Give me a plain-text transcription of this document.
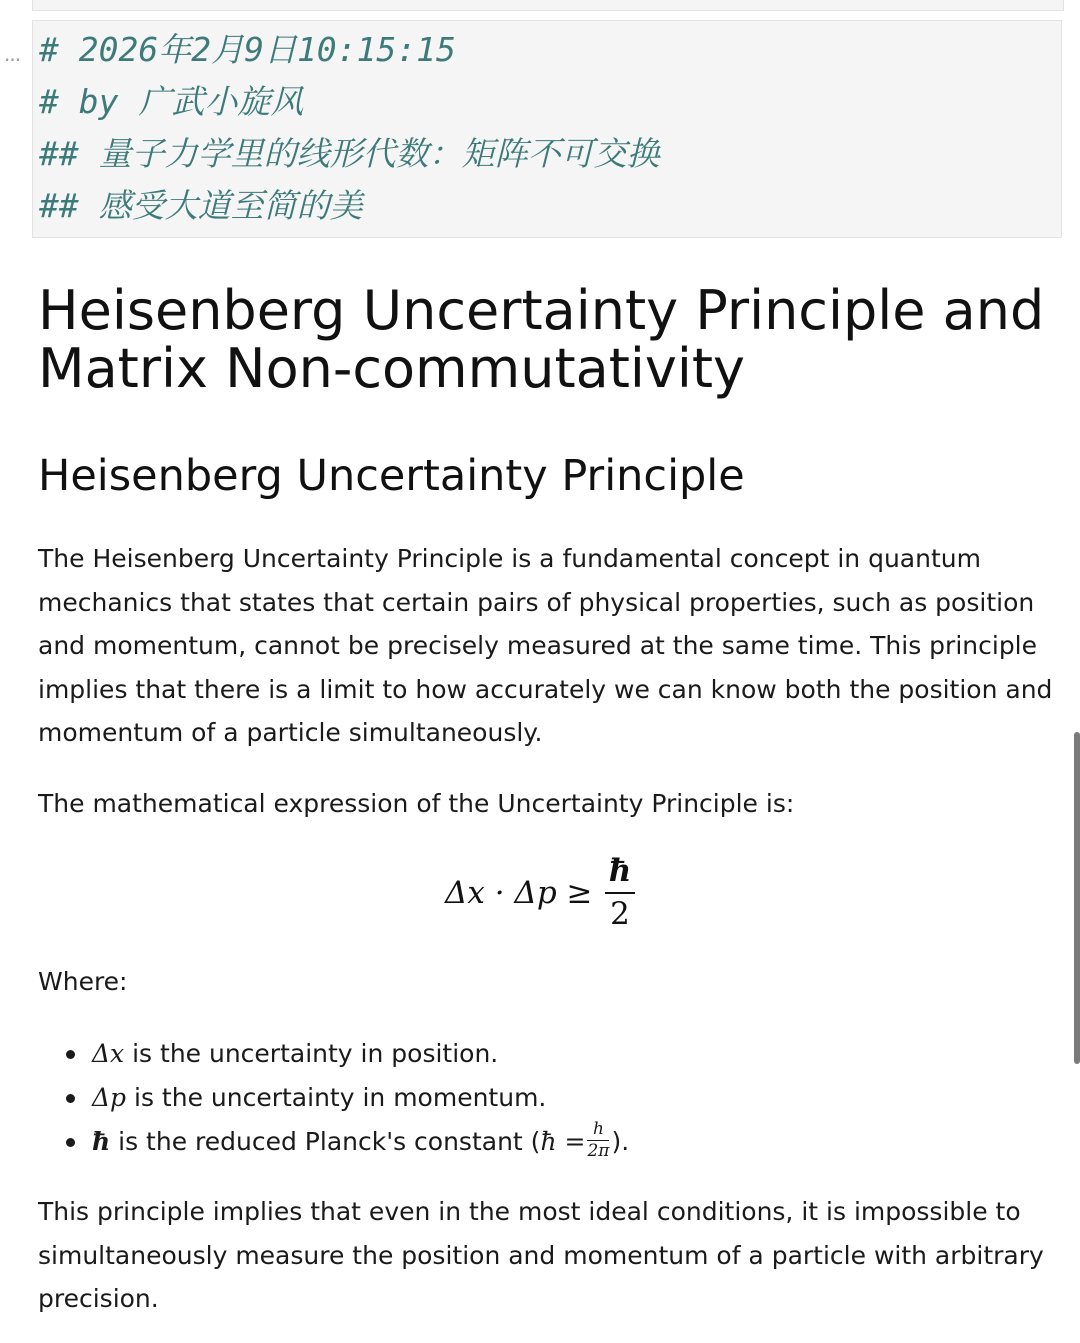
... # 2026年2月9日10:15:15
# by 广武小旋风
## 量子力学里的线形代数：矩阵不可交换
## 感受大道至简的美
Heisenberg Uncertainty Principle and Matrix Non-commutativity
Heisenberg Uncertainty Principle

The Heisenberg Uncertainty Principle is a fundamental concept in quantum mechanics that states that certain pairs of physical properties, such as position and momentum, cannot be precisely measured at the same time. This principle implies that there is a limit to how accurately we can know both the position and momentum of a particle simultaneously.

The mathematical expression of the Uncertainty Principle is:

Δx · Δp ≥
ħ
2

Where:

Δx is the uncertainty in position.
Δp is the uncertainty in momentum.
ħ is the reduced Planck's constant (ħ = $\frac{h}{2\pi}$ ).

This principle implies that even in the most ideal conditions, it is impossible to simultaneously measure the position and momentum of a particle with arbitrary precision.
